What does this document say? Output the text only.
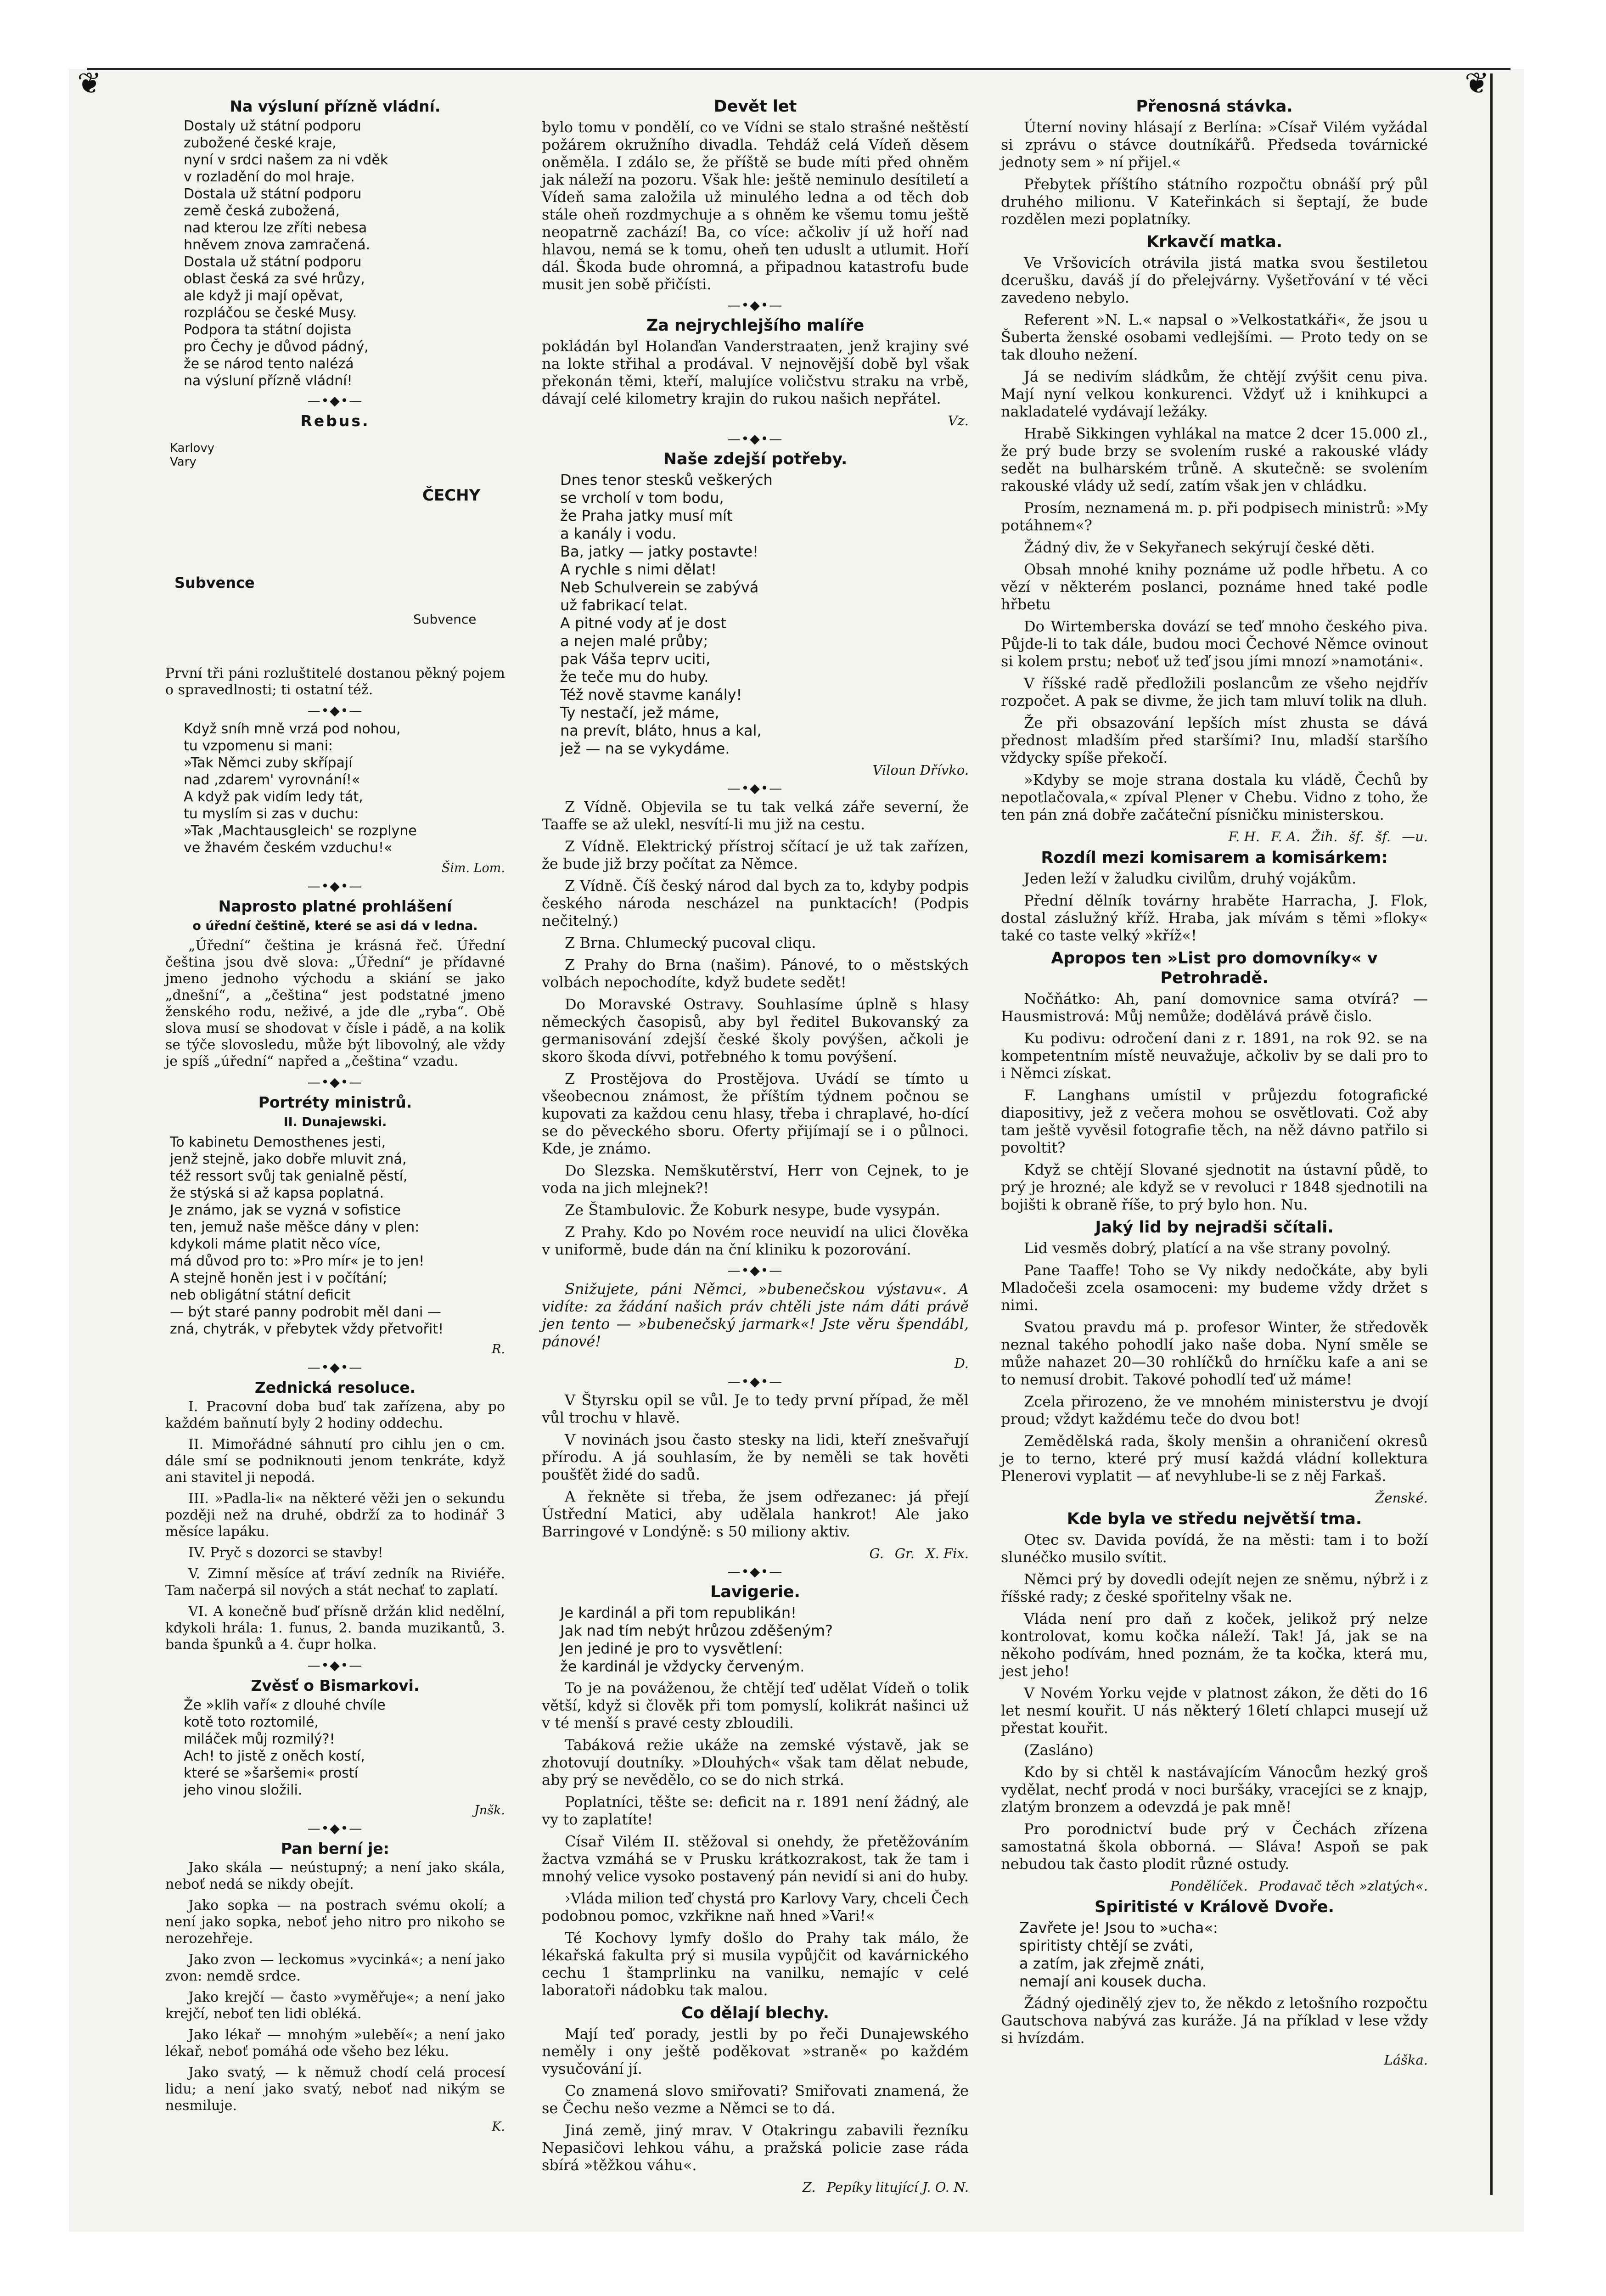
❦	❦
Na výsluní přízně vládní.
Dostaly už státní podporu
zubožené české kraje,
nyní v srdci našem za ni vděk
v rozladění do mol hraje.
Dostala už státní podporu
země česká zubožená,
nad kterou lze zříti nebesa
hněvem znova zamračená.
Dostala už státní podporu
oblast česká za své hrůzy,
ale když ji mají opěvat,
rozpláčou se české Musy.
Podpora ta státní dojista
pro Čechy je důvod pádný,
že se národ tento nalézá
na výsluní přízně vládní!
—•◆•—
Rebus.
Karlovy Vary
ČECHY
Subvence
Subvence

První tři páni rozluštitelé dostanou pěkný pojem o spravedlnosti; ti ostatní též.

—•◆•—
Když sníh mně vrzá pod nohou,
tu vzpomenu si mani:
»Tak Němci zuby skřípají
nad ‚zdarem' vyrovnání!«
A když pak vidím ledy tát,
tu myslím si zas v duchu:
»Tak ‚Machtausgleich' se rozplyne
ve žhavém českém vzduchu!«
Šim. Lom.
—•◆•—
Naprosto platné prohlášení
o úřední češtině, které se asi dá v ledna.

„Úřední“ čeština je krásná řeč. Úřední čeština jsou dvě slova: „Úřední“ je přídavné jmeno jednoho východu a skiání se jako „dnešní“, a „čeština“ jest podstatné jmeno ženského rodu, neživé, a jde dle „ryba“. Obě slova musí se shodovat v čísle i pádě, a na kolik se týče slovosledu, může být libovolný, ale vždy je spíš „úřední“ napřed a „čeština“ vzadu.

—•◆•—
Portréty ministrů.
II. Dunajewski.
To kabinetu Demosthenes jesti,
jenž stejně, jako dobře mluvit zná,
též ressort svůj tak genialně pěstí,
že stýská si až kapsa poplatná.
Je známo, jak se vyzná v sofistice
ten, jemuž naše měšce dány v plen:
kdykoli máme platit něco více,
má důvod pro to: »Pro mír« je to jen!
A stejně honěn jest i v počítání;
neb obligátní státní deficit
— být staré panny podrobit měl dani —
zná, chytrák, v přebytek vždy přetvořit!
R.
—•◆•—
Zednická resoluce.

I. Pracovní doba buď tak zařízena, aby po každém baňnutí byly 2 hodiny oddechu.

II. Mimořádné sáhnutí pro cihlu jen o cm. dále smí se podniknouti jenom tenkráte, když ani stavitel ji nepodá.

III. »Padla-li« na některé věži jen o sekundu později než na druhé, obdrží za to hodinář 3 měsíce lapáku.

IV. Pryč s dozorci se stavby!

V. Zimní měsíce ať tráví zedník na Riviéře. Tam načerpá sil nových a stát nechať to zaplatí.

VI. A konečně buď přísně držán klid nedělní, kdykoli hrála: 1. funus, 2. banda muzikantů, 3. banda špunků a 4. čupr holka.

—•◆•—
Zvěsť o Bismarkovi.
Že »klih vaří« z dlouhé chvíle
kotě toto roztomilé,
miláček můj rozmilý?!
Ach! to jistě z oněch kostí,
které se »šaršemi« prostí
jeho vinou složili.
Jnšk.
—•◆•—
Pan berní je:

Jako skála — neústupný; a není jako skála, neboť nedá se nikdy obejít.

Jako sopka — na postrach svému okolí; a není jako sopka, neboť jeho nitro pro nikoho se nerozehřeje.

Jako zvon — leckomus »vycinká«; a není jako zvon: nemdě srdce.

Jako krejčí — často »vyměřuje«; a není jako krejčí, neboť ten lidi obléká.

Jako lékař — mnohým »uleběí«; a není jako lékař, neboť pomáhá ode všeho bez léku.

Jako svatý, — k němuž chodí celá procesí lidu; a není jako svatý, neboť nad nikým se nesmiluje.

K.
Devět let

bylo tomu v pondělí, co ve Vídni se stalo strašné neštěstí požárem okružního divadla. Tehdáž celá Vídeň děsem oněměla. I zdálo se, že příště se bude míti před ohněm jak náleží na pozoru. Však hle: ještě neminulo desítiletí a Vídeň sama založila už minulého ledna a od těch dob stále oheň rozdmychuje a s ohněm ke všemu tomu ještě neopatrně zachází! Ba, co více: ačkoliv jí už hoří nad hlavou, nemá se k tomu, oheň ten uduslt a utlumit. Hoří dál. Škoda bude ohromná, a připadnou katastrofu bude musit jen sobě přičísti.

—•◆•—
Za nejrychlejšího malíře

pokládán byl Holanďan Vanderstraaten, jenž krajiny své na lokte střihal a prodával. V nejnovější době byl však překonán těmi, kteří, malujíce voličstvu straku na vrbě, dávají celé kilometry krajin do rukou našich nepřátel.

Vz.
—•◆•—
Naše zdejší potřeby.
Dnes tenor stesků veškerých
se vrcholí v tom bodu,
že Praha jatky musí mít
a kanály i vodu.
Ba, jatky — jatky postavte!
A rychle s nimi dělat!
Neb Schulverein se zabývá
už fabrikací telat.
A pitné vody ať je dost
a nejen malé průby;
pak Váša teprv uciti,
že teče mu do huby.
Též nově stavme kanály!
Ty nestačí, jež máme,
na prevít, bláto, hnus a kal,
jež — na se vykydáme.
Viloun Dřívko.
—•◆•—

Z Vídně. Objevila se tu tak velká záře severní, že Taaffe se až ulekl, nesvítí-li mu již na cestu.

Z Vídně. Elektrický přístroj sčítací je už tak zařízen, že bude již brzy počítat za Němce.

Z Vídně. Číš český národ dal bych za to, kdyby podpis českého národa nescházel na punktacích! (Podpis nečitelný.)

Z Brna. Chlumecký pucoval cliqu.

Z Prahy do Brna (našim). Pánové, to o městských volbách nepochodíte, když budete sedět!

Do Moravské Ostravy. Souhlasíme úplně s hlasy německých časopisů, aby byl ředitel Bukovanský za germanisování zdejší české školy povýšen, ačkoli je skoro škoda dívvi, potřebného k tomu povýšení.

Z Prostějova do Prostějova. Uvádí se tímto u všeobecnou známost, že příštím týdnem počnou se kupovati za každou cenu hlasy, třeba i chraplavé, ho-dící se do pěveckého sboru. Oferty přijímají se i o půlnoci. Kde, je známo.

Do Slezska. Nemškutěrství, Herr von Cejnek, to je voda na jich mlejnek?!

Ze Štambulovic. Že Koburk nesype, bude vysypán.

Z Prahy. Kdo po Novém roce neuvidí na ulici člověka v uniformě, bude dán na ční kliniku k pozorování.

—•◆•—

Snižujete, páni Němci, »bubenečskou výstavu«. A vidíte: za žádání našich práv chtěli jste nám dáti právě jen tento — »bubenečský jarmark«! Jste věru špendábl, pánové!

D.
—•◆•—

V Štyrsku opil se vůl. Je to tedy první případ, že měl vůl trochu v hlavě.

V novinách jsou často stesky na lidi, kteří znešvařují přírodu. A já souhlasím, že by neměli se tak hověti poušťět židé do sadů.

A řekněte si třeba, že jsem odřezanec: já přejí Ústřední Matici, aby udělala hankrot! Ale jako Barringové v Londýně: s 50 miliony aktiv.

G. Gr. X. Fix.
—•◆•—
Lavigerie.
Je kardinál a při tom republikán!
Jak nad tím nebýt hrůzou zděšeným?
Jen jediné je pro to vysvětlení:
že kardinál je vždycky červeným.

To je na pováženou, že chtějí teď udělat Vídeň o tolik větší, když si člověk při tom pomyslí, kolikrát našinci už v té menší s pravé cesty zbloudili.

Tabáková režie ukáže na zemské výstavě, jak se zhotovují doutníky. »Dlouhých« však tam dělat nebude, aby prý se nevědělo, co se do nich strká.

Poplatníci, těšte se: deficit na r. 1891 není žádný, ale vy to zaplatíte!

Císař Vilém II. stěžoval si onehdy, že přetěžováním žactva vzmáhá se v Prusku krátkozrakost, tak že tam i mnohý velice vysoko postavený pán nevidí si ani do huby.

›Vláda milion teď chystá pro Karlovy Vary, chceli Čech podobnou pomoc, vzkřikne naň hned »Vari!«

Té Kochovy lymfy došlo do Prahy tak málo, že lékařská fakulta prý si musila vypůjčit od kavárnického cechu 1 štamprlinku na vanilku, nemajíc v celé laboratoři nádobku tak malou.

Co dělají blechy.

Mají teď porady, jestli by po řeči Dunajewského neměly i ony ještě poděkovat »straně« po každém vysučování jí.

Co znamená slovo smiřovati? Smiřovati znamená, že se Čechu nešo vezme a Němci se to dá.

Jiná země, jiný mrav. V Otakringu zabavili řezníku Nepasičovi lehkou váhu, a pražská policie zase ráda sbírá »těžkou váhu«.

Z. Pepíky litující J. O. N.
Přenosná stávka.

Úterní noviny hlásají z Berlína: »Císař Vilém vyžádal si zprávu o stávce doutníkářů. Předseda továrnické jednoty sem » ní přijel.«

Přebytek příštího státního rozpočtu obnáší prý půl druhého milionu. V Kateřinkách si šeptají, že bude rozdělen mezi poplatníky.

Krkavčí matka.

Ve Vršovicích otrávila jistá matka svou šestiletou dcerušku, daváš jí do přelejvárny. Vyšetřování v té věci zavedeno nebylo.

Referent »N. L.« napsal o »Velkostatkáři«, že jsou u Šuberta ženské osobami vedlejšími. — Proto tedy on se tak dlouho nežení.

Já se nedivím sládkům, že chtějí zvýšit cenu piva. Mají nyní velkou konkurenci. Vždyť už i knihkupci a nakladatelé vydávají ležáky.

Hrabě Sikkingen vyhlákal na matce 2 dcer 15.000 zl., že prý bude brzy se svolením ruské a rakouské vlády sedět na bulharském trůně. A skutečně: se svolením rakouské vlády už sedí, zatím však jen v chládku.

Prosím, neznamená m. p. při podpisech ministrů: »My potáhnem«?

Žádný div, že v Sekyřanech sekýrují české děti.

Obsah mnohé knihy poznáme už podle hřbetu. A co vězí v některém poslanci, poznáme hned také podle hřbetu

Do Wirtemberska dovází se teď mnoho českého piva. Půjde-li to tak dále, budou moci Čechové Němce ovinout si kolem prstu; neboť už teď jsou jími mnozí »namotáni«.

V říšské radě předložili poslancům ze všeho nejdřív rozpočet. A pak se divme, že jich tam mluví tolik na dluh.

Že při obsazování lepších míst zhusta se dává přednost mladším před staršími? Inu, mladší staršího vždycky spíše překočí.

»Kdyby se moje strana dostala ku vládě, Čechů by nepotlačovala,« zpíval Plener v Chebu. Vidno z toho, že ten pán zná dobře začáteční písničku ministerskou.

F. H. F. A. Žih. šf. šf. —u.
Rozdíl mezi komisarem a komisárkem:

Jeden leží v žaludku civilům, druhý vojákům.

Přední dělník továrny hraběte Harracha, J. Flok, dostal záslužný kříž. Hraba, jak mívám s těmi »floky« také co taste velký »kříž«!

Apropos ten »List pro domovníky« v Petrohradě.

Nočňátko: Ah, paní domovnice sama otvírá? — Hausmistrová: Můj nemůže; dodělává právě čislo.

Ku podivu: odročení dani z r. 1891, na rok 92. se na kompetentním místě neuvažuje, ačkoliv by se dali pro to i Němci získat.

F. Langhans umístil v průjezdu fotografické diapositivy, jež z večera mohou se osvětlovati. Což aby tam ještě vyvěsil fotografie těch, na něž dávno patřilo si povoltit?

Když se chtějí Slované sjednotit na ústavní půdě, to prý je hrozné; ale když se v revoluci r 1848 sjednotili na bojišti k obraně říše, to prý bylo hon. Nu.

Jaký lid by nejradši sčítali.

Lid vesměs dobrý, platící a na vše strany povolný.

Pane Taaffe! Toho se Vy nikdy nedočkáte, aby byli Mladočeši zcela osamoceni: my budeme vždy držet s nimi.

Svatou pravdu má p. profesor Winter, že středověk neznal takého pohodlí jako naše doba. Nyní směle se může nahazet 20—30 rohlíčků do hrníčku kafe a ani se to nemusí drobit. Takové pohodlí teď už máme!

Zcela přirozeno, že ve mnohém ministerstvu je dvojí proud; vždyt každému teče do dvou bot!

Zemědělská rada, školy menšin a ohraničení okresů je to terno, které prý musí každá vládní kollektura Plenerovi vyplatit — ať nevyhlube-li se z něj Farkaš.

Ženské.
Kde byla ve středu největší tma.

Otec sv. Davida povídá, že na městi: tam i to boží slunéčko musilo svítit.

Němci prý by dovedli odejít nejen ze sněmu, nýbrž i z říšské rady; z české spořitelny však ne.

Vláda není pro daň z koček, jelikož prý nelze kontrolovat, komu kočka náleží. Tak! Já, jak se na někoho podívám, hned poznám, že ta kočka, která mu, jest jeho!

V Novém Yorku vejde v platnost zákon, že děti do 16 let nesmí kouřit. U nás některý 16letí chlapci musejí už přestat kouřit.

(Zasláno)

Kdo by si chtěl k nastávajícím Vánocům hezký groš vydělat, nechť prodá v noci buršáky, vracejíci se z knajp, zlatým bronzem a odevzdá je pak mně!

Pro porodnictví bude prý v Čechách zřízena samostatná škola obborná. — Sláva! Aspoň se pak nebudou tak často plodit různé ostudy.

Pondělíček. Prodavač těch »zlatých«.
Spiritisté v Králově Dvoře.
Zavřete je! Jsou to »ucha«:
spiritisty chtějí se zváti,
a zatím, jak zřejmě znáti,
nemají ani kousek ducha.

Žádný ojedinělý zjev to, že někdo z letošního rozpočtu Gautschova nabývá zas kuráže. Já na příklad v lese vždy si hvízdám.

Láška.
